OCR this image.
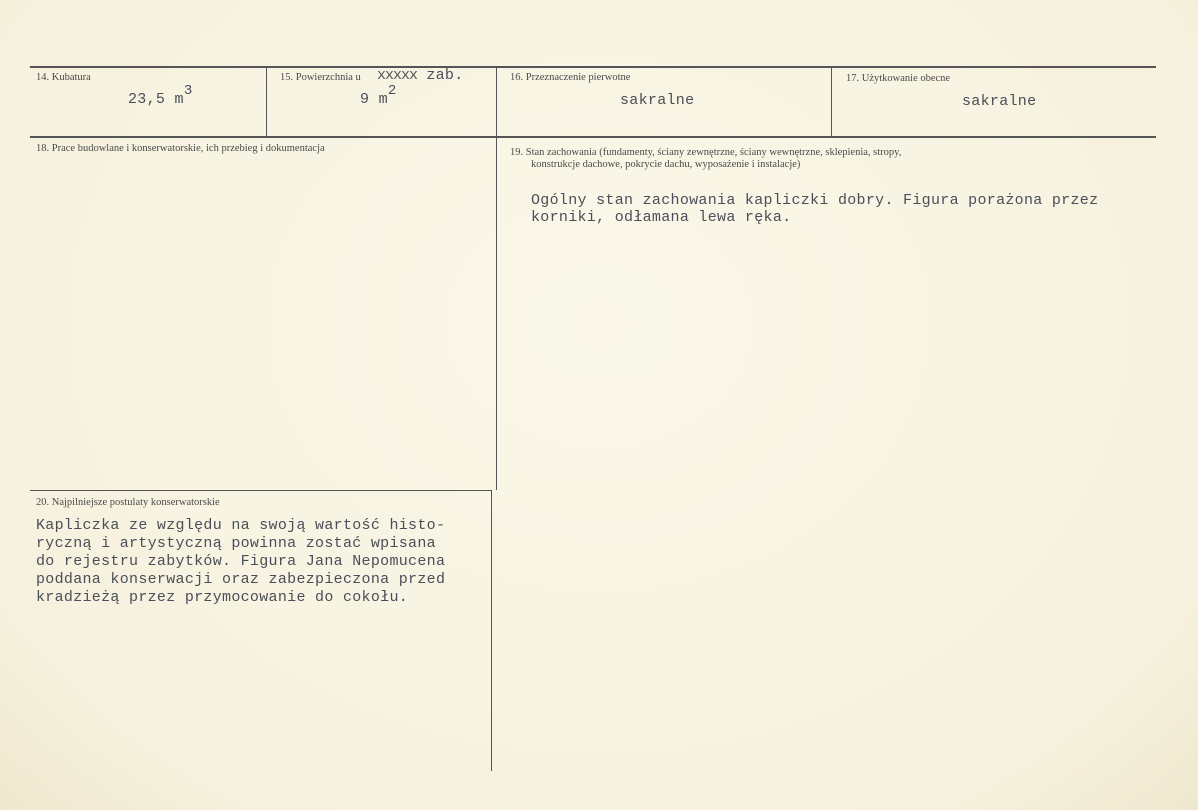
14. Kubatura
23,5 m3
15. Powierzchnia u xxxxx zab.
9 m2
16. Przeznaczenie pierwotne
sakralne
17. Użytkowanie obecne
sakralne
18. Prace budowlane i konserwatorskie, ich przebieg i dokumentacja	19. Stan zachowania (fundamenty, ściany zewnętrzne, ściany wewnętrzne, sklepienia, stropy,
konstrukcje dachowe, pokrycie dachu, wyposażenie i instalacje)
Ogólny stan zachowania kapliczki dobry. Figura porażona przez
korniki, odłamana lewa ręka.
20. Najpilniejsze postulaty konserwatorskie
Kapliczka ze względu na swoją wartość histo-
ryczną i artystyczną powinna zostać wpisana
do rejestru zabytków. Figura Jana Nepomucena
poddana konserwacji oraz zabezpieczona przed
kradzieżą przez przymocowanie do cokołu.
